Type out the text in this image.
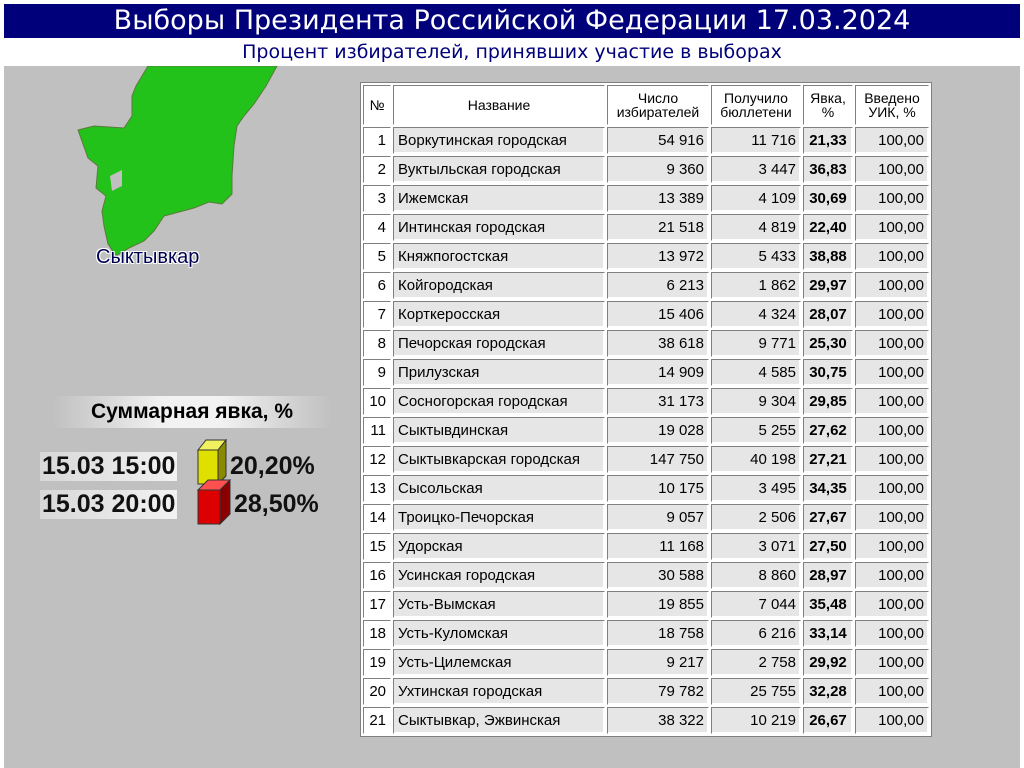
Выборы Президента Российской Федерации 17.03.2024
Процент избирателей, принявших участие в выборах
Сыктывкар
Суммарная явка, %
15.03 15:00 20,20%
15.03 20:00 28,50%
№	Название	Число избирателей	Получило бюллетени	Явка, %	Введено УИК, %
1	Воркутинская городская	54 916	11 716	21,33	100,00
2	Вуктыльская городская	9 360	3 447	36,83	100,00
3	Ижемская	13 389	4 109	30,69	100,00
4	Интинская городская	21 518	4 819	22,40	100,00
5	Княжпогостская	13 972	5 433	38,88	100,00
6	Койгородская	6 213	1 862	29,97	100,00
7	Корткеросская	15 406	4 324	28,07	100,00
8	Печорская городская	38 618	9 771	25,30	100,00
9	Прилузская	14 909	4 585	30,75	100,00
10	Сосногорская городская	31 173	9 304	29,85	100,00
11	Сыктывдинская	19 028	5 255	27,62	100,00
12	Сыктывкарская городская	147 750	40 198	27,21	100,00
13	Сысольская	10 175	3 495	34,35	100,00
14	Троицко-Печорская	9 057	2 506	27,67	100,00
15	Удорская	11 168	3 071	27,50	100,00
16	Усинская городская	30 588	8 860	28,97	100,00
17	Усть-Вымская	19 855	7 044	35,48	100,00
18	Усть-Куломская	18 758	6 216	33,14	100,00
19	Усть-Цилемская	9 217	2 758	29,92	100,00
20	Ухтинская городская	79 782	25 755	32,28	100,00
21	Сыктывкар, Эжвинская	38 322	10 219	26,67	100,00
